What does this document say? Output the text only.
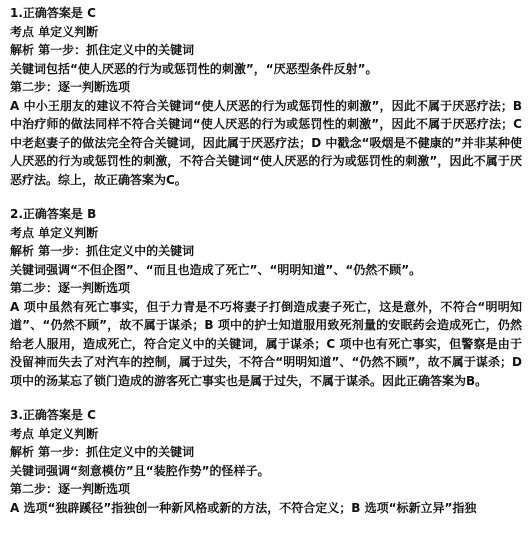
1.正确答案是 C
考点 单定义判断
解析 第一步：抓住定义中的关键词
关键词包括“使人厌恶的行为或惩罚性的刺激”，“厌恶型条件反射”。
第二步：逐一判断选项
A 中小王朋友的建议不符合关键词“使人厌恶的行为或惩罚性的刺激”，因此不属于厌恶疗法；B 中治疗师的做法同样不符合关键词“使人厌恶的行为或惩罚性的刺激”，因此不属于厌恶疗法；C 中老赵妻子的做法完全符合关键词，因此属于厌恶疗法；D 中戳念“吸烟是不健康的”并非某种使人厌恶的行为或惩罚性的刺激，不符合关键词“使人厌恶的行为或惩罚性的刺激”，因此不属于厌恶疗法。综上，故正确答案为C。
2.正确答案是 B
考点 单定义判断
解析 第一步：抓住定义中的关键词
关键词强调“不但企图”、“而且也造成了死亡”、“明明知道”、“仍然不顾”。
第二步：逐一判断选项
A 项中虽然有死亡事实，但于力青是不巧将妻子打倒造成妻子死亡，这是意外，不符合“明明知道”、“仍然不顾”，故不属于谋杀；B 项中的护士知道服用致死剂量的安眠药会造成死亡，仍然给老人服用，造成死亡，符合定义中的关键词，属于谋杀；C 项中也有死亡事实，但警察是由于没留神而失去了对汽车的控制，属于过失，不符合“明明知道”、“仍然不顾”，故不属于谋杀；D 项中的汤某忘了锁门造成的游客死亡事实也是属于过失，不属于谋杀。因此正确答案为B。
3.正确答案是 C
考点 单定义判断
解析 第一步：抓住定义中的关键词
关键词强调“刻意模仿”且“装腔作势”的怪样子。
第二步：逐一判断选项
A 选项“独辟蹊径”指独创一种新风格或新的方法，不符合定义；B 选项“标新立异”指独
